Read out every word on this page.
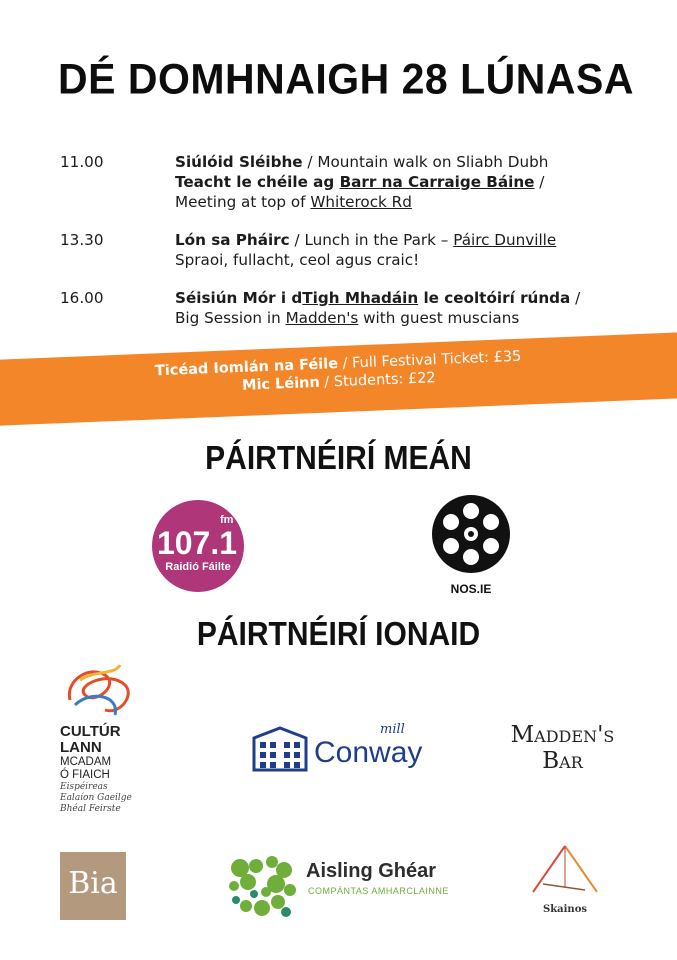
DÉ DOMHNAIGH 28 LÚNASA
11.00	Siúlóid Sléibhe / Mountain walk on Sliabh Dubh
Teacht le chéile ag Barr na Carraige Báine /
Meeting at top of Whiterock Rd
13.30	Lón sa Pháirc / Lunch in the Park – Páirc Dunville
Spraoi, fullacht, ceol agus craic!
16.00	Séisiún Mór i dTigh Mhadáin le ceoltóirí rúnda /
Big Session in Madden's with guest muscians
Ticéad Iomlán na Féile / Full Festival Ticket: £35
Mic Léinn / Students: £22
PÁIRTNÉIRÍ MEÁN
fm
107.1
Raidió Fáilte
NOS.IE
PÁIRTNÉIRÍ IONAID
CULTÚR
LANN
MCADAM
Ó FIAICH
Eispéireas
Ealaíon Gaeilge
Bhéal Feirste
mill
Conway
Madden's
Bar
Bia	Aisling Ghéar
COMPÁNTAS AMHARCLAINNE
Skainos
